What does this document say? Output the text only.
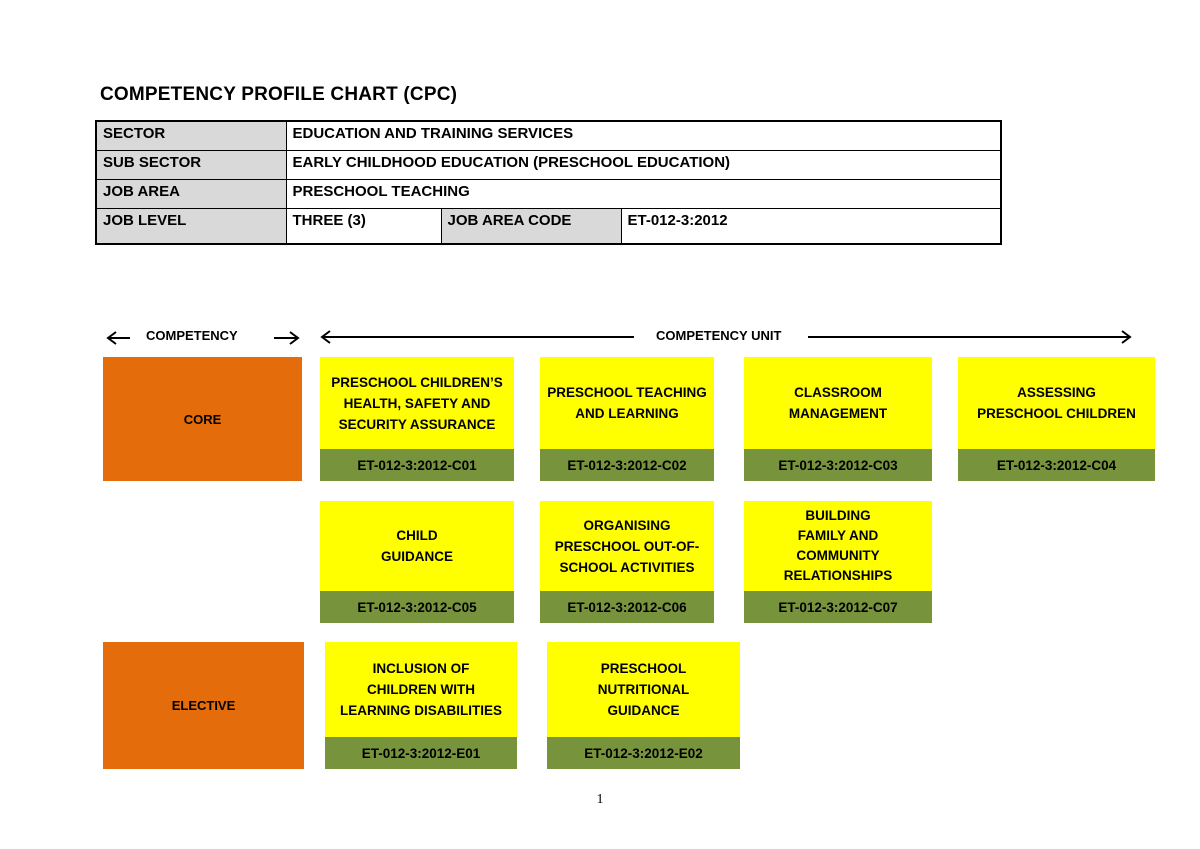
COMPETENCY PROFILE CHART (CPC)
SECTOR	EDUCATION AND TRAINING SERVICES		
SUB SECTOR	EARLY CHILDHOOD EDUCATION (PRESCHOOL EDUCATION)		
JOB AREA	PRESCHOOL TEACHING		
JOB LEVEL	THREE (3)	JOB AREA CODE	ET-012-3:2012
COMPETENCY	COMPETENCY UNIT
CORE
ELECTIVE
PRESCHOOL CHILDREN’S
HEALTH, SAFETY AND
SECURITY ASSURANCE
ET-012-3:2012-C01
PRESCHOOL TEACHING
AND LEARNING
ET-012-3:2012-C02
CLASSROOM
MANAGEMENT
ET-012-3:2012-C03
ASSESSING
PRESCHOOL CHILDREN
ET-012-3:2012-C04
CHILD
GUIDANCE
ET-012-3:2012-C05
ORGANISING
PRESCHOOL OUT-OF-
SCHOOL ACTIVITIES
ET-012-3:2012-C06
BUILDING
FAMILY AND
COMMUNITY
RELATIONSHIPS
ET-012-3:2012-C07
INCLUSION OF
CHILDREN WITH
LEARNING DISABILITIES
ET-012-3:2012-E01
PRESCHOOL
NUTRITIONAL
GUIDANCE
ET-012-3:2012-E02
1
